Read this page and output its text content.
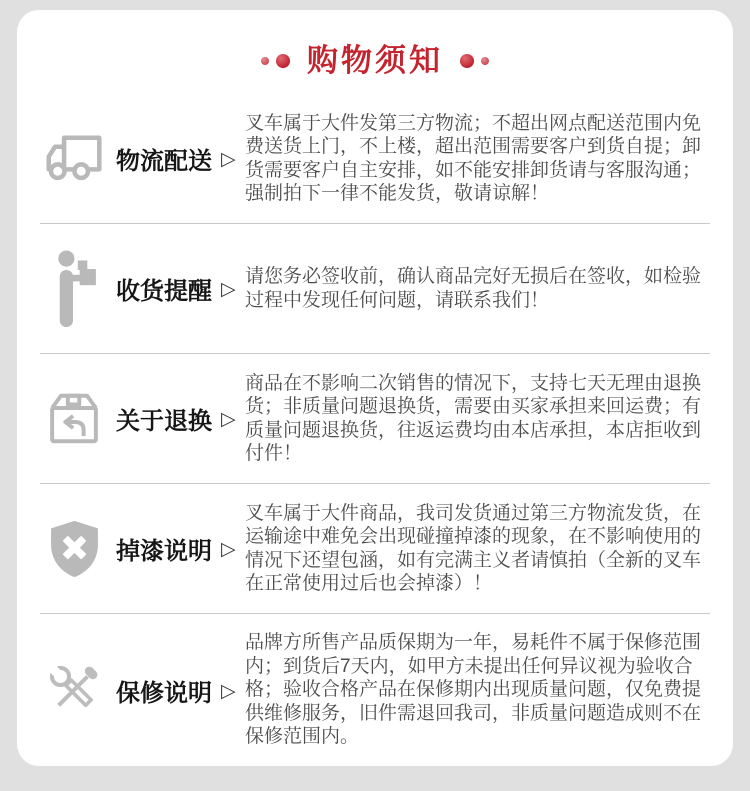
购物须知
物流配送 ▷
叉车属于大件发第三方物流；不超出网点配送范围内免费送货上门，不上楼，超出范围需要客户到货自提；卸货需要客户自主安排，如不能安排卸货请与客服沟通；强制拍下一律不能发货，敬请谅解！
收货提醒 ▷
请您务必签收前，确认商品完好无损后在签收，如检验过程中发现任何问题，请联系我们！
关于退换 ▷
商品在不影响二次销售的情况下，支持七天无理由退换货；非质量问题退换货，需要由买家承担来回运费；有质量问题退换货，往返运费均由本店承担，本店拒收到付件！
掉漆说明 ▷
叉车属于大件商品，我司发货通过第三方物流发货，在运输途中难免会出现碰撞掉漆的现象，在不影响使用的情况下还望包涵，如有完满主义者请慎拍（全新的叉车在正常使用过后也会掉漆）！
保修说明 ▷
品牌方所售产品质保期为一年，易耗件不属于保修范围内；到货后7天内，如甲方未提出任何异议视为验收合格；验收合格产品在保修期内出现质量问题，仅免费提供维修服务，旧件需退回我司，非质量问题造成则不在保修范围内。
